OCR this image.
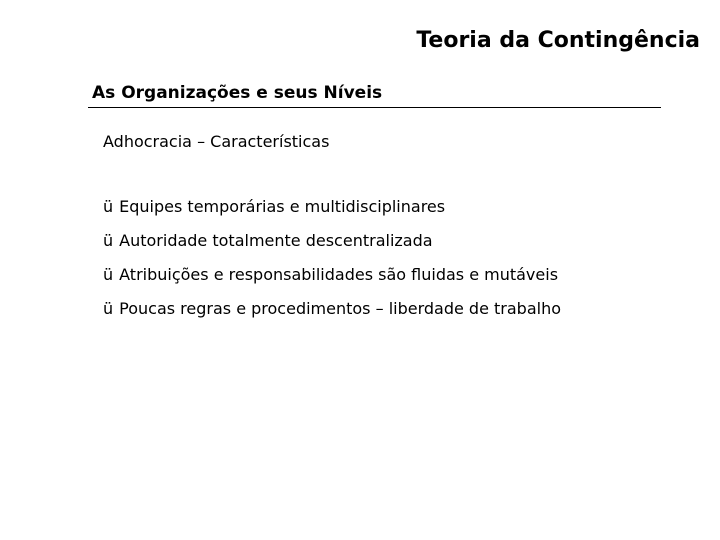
Teoria da Contingência
As Organizações e seus Níveis
Adhocracia – Características
ü Equipes temporárias e multidisciplinares
ü Autoridade totalmente descentralizada
ü Atribuições e responsabilidades são fluidas e mutáveis
ü Poucas regras e procedimentos – liberdade de trabalho
